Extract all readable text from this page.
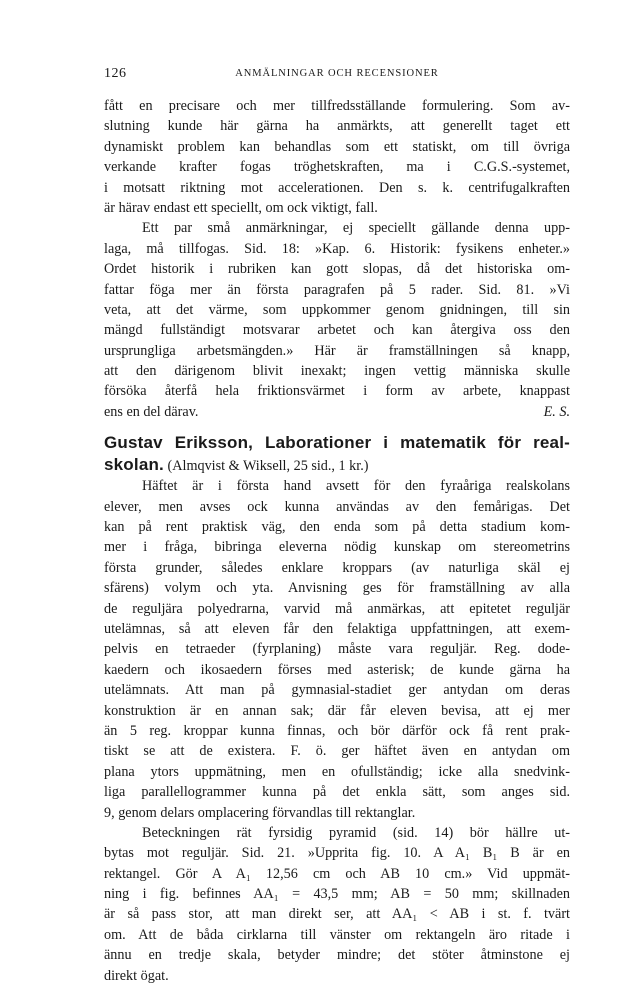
126	ANMÄLNINGAR OCH RECENSIONER
fått en precisare och mer tillfredsställande formulering. Som av-
slutning kunde här gärna ha anmärkts, att generellt taget ett
dynamiskt problem kan behandlas som ett statiskt, om till övriga
verkande krafter fogas tröghetskraften, ma i C.G.S.-systemet,
i motsatt riktning mot accelerationen. Den s. k. centrifugalkraften
är härav endast ett speciellt, om ock viktigt, fall.
Ett par små anmärkningar, ej speciellt gällande denna upp-
laga, må tillfogas. Sid. 18: »Kap. 6. Historik: fysikens enheter.»
Ordet historik i rubriken kan gott slopas, då det historiska om-
fattar föga mer än första paragrafen på 5 rader. Sid. 81. »Vi
veta, att det värme, som uppkommer genom gnidningen, till sin
mängd fullständigt motsvarar arbetet och kan återgiva oss den
ursprungliga arbetsmängden.» Här är framställningen så knapp,
att den därigenom blivit inexakt; ingen vettig människa skulle
försöka återfå hela friktionsvärmet i form av arbete, knappast
ens en del därav.	E. S.
Gustav Eriksson, Laborationer i matematik för real-
skolan. (Almqvist & Wiksell, 25 sid., 1 kr.)
Häftet är i första hand avsett för den fyraåriga realskolans
elever, men avses ock kunna användas av den femårigas. Det
kan på rent praktisk väg, den enda som på detta stadium kom-
mer i fråga, bibringa eleverna nödig kunskap om stereometrins
första grunder, således enklare kroppars (av naturliga skäl ej
sfärens) volym och yta. Anvisning ges för framställning av alla
de reguljära polyedrarna, varvid må anmärkas, att epitetet reguljär
utelämnas, så att eleven får den felaktiga uppfattningen, att exem-
pelvis en tetraeder (fyrplaning) måste vara reguljär. Reg. dode-
kaedern och ikosaedern förses med asterisk; de kunde gärna ha
utelämnats. Att man på gymnasial-stadiet ger antydan om deras
konstruktion är en annan sak; där får eleven bevisa, att ej mer
än 5 reg. kroppar kunna finnas, och bör därför ock få rent prak-
tiskt se att de existera. F. ö. ger häftet även en antydan om
plana ytors uppmätning, men en ofullständig; icke alla snedvink-
liga parallellogrammer kunna på det enkla sätt, som anges sid.
9, genom delars omplacering förvandlas till rektanglar.
Beteckningen rät fyrsidig pyramid (sid. 14) bör hällre ut-
bytas mot reguljär. Sid. 21. »Upprita fig. 10. A A₁ B₁ B är en
rektangel. Gör A A₁ 12,56 cm och AB 10 cm.» Vid uppmät-
ning i fig. befinnes AA₁ = 43,5 mm; AB = 50 mm; skillnaden
är så pass stor, att man direkt ser, att AA₁ < AB i st. f. tvärt
om. Att de båda cirklarna till vänster om rektangeln äro ritade i
ännu en tredje skala, betyder mindre; det stöter åtminstone ej
direkt ögat.
